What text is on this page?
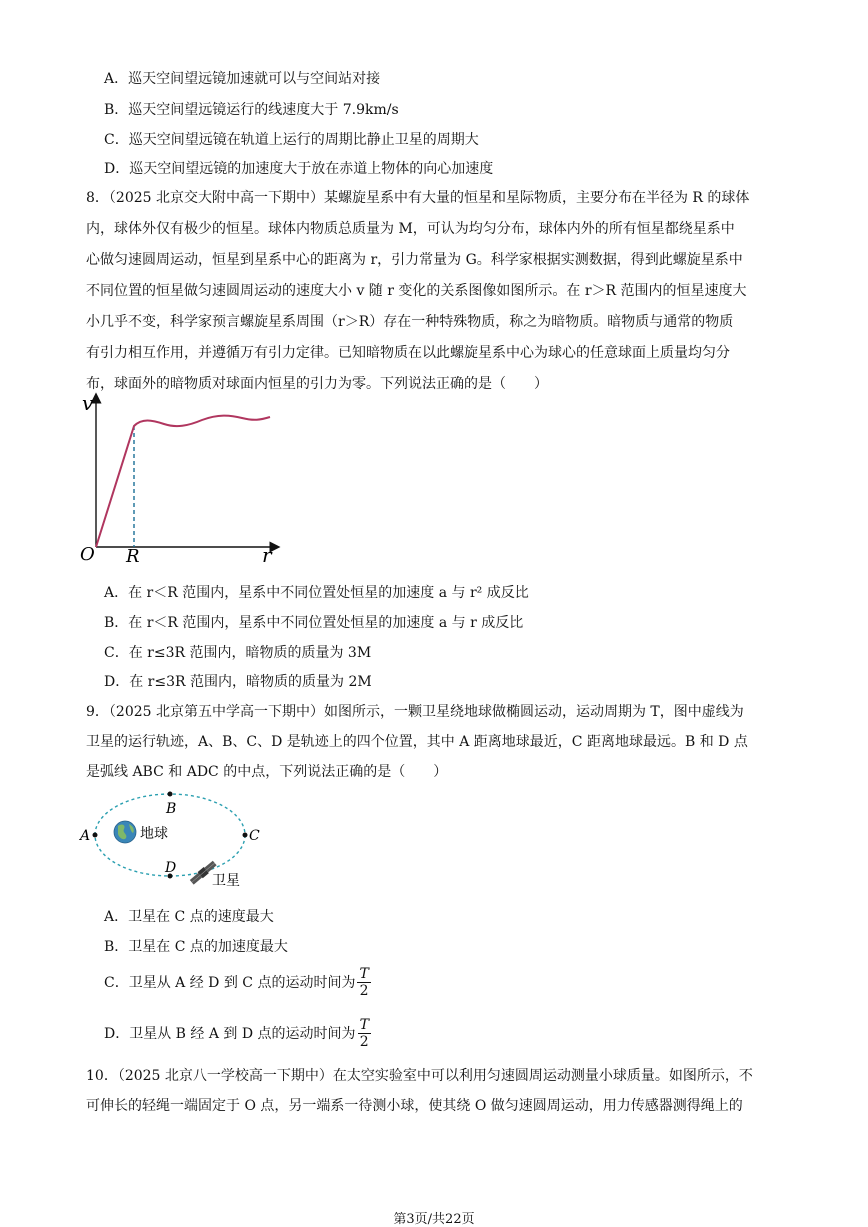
A．巡天空间望远镜加速就可以与空间站对接
B．巡天空间望远镜运行的线速度大于 7.9km/s
C．巡天空间望远镜在轨道上运行的周期比静止卫星的周期大
D．巡天空间望远镜的加速度大于放在赤道上物体的向心加速度
8．（2025 北京交大附中高一下期中）某螺旋星系中有大量的恒星和星际物质，主要分布在半径为 R 的球体
内，球体外仅有极少的恒星。球体内物质总质量为 M，可认为均匀分布，球体内外的所有恒星都绕星系中
心做匀速圆周运动，恒星到星系中心的距离为 r，引力常量为 G。科学家根据实测数据，得到此螺旋星系中
不同位置的恒星做匀速圆周运动的速度大小 v 随 r 变化的关系图像如图所示。在 r＞R 范围内的恒星速度大
小几乎不变，科学家预言螺旋星系周围（r＞R）存在一种特殊物质，称之为暗物质。暗物质与通常的物质
有引力相互作用，并遵循万有引力定律。已知暗物质在以此螺旋星系中心为球心的任意球面上质量均匀分
布，球面外的暗物质对球面内恒星的引力为零。下列说法正确的是（　　）
v
r
O R
A．在 r＜R 范围内，星系中不同位置处恒星的加速度 a 与 r² 成反比
B．在 r＜R 范围内，星系中不同位置处恒星的加速度 a 与 r 成反比
C．在 r≤3R 范围内，暗物质的质量为 3M
D．在 r≤3R 范围内，暗物质的质量为 2M
9．（2025 北京第五中学高一下期中）如图所示，一颗卫星绕地球做椭圆运动，运动周期为 T，图中虚线为
卫星的运行轨迹，A、B、C、D 是轨迹上的四个位置，其中 A 距离地球最近，C 距离地球最远。B 和 D 点
是弧线 ABC 和 ADC 的中点，下列说法正确的是（　　）
A
B
C
D
地球
卫星
A．卫星在 C 点的速度最大
B．卫星在 C 点的加速度最大
C．卫星从 A 经 D 到 C 点的运动时间为 $\frac{T}{2}$
D．卫星从 B 经 A 到 D 点的运动时间为 $\frac{T}{2}$
10．（2025 北京八一学校高一下期中）在太空实验室中可以利用匀速圆周运动测量小球质量。如图所示，不
可伸长的轻绳一端固定于 O 点，另一端系一待测小球，使其绕 O 做匀速圆周运动，用力传感器测得绳上的
第3页/共22页
